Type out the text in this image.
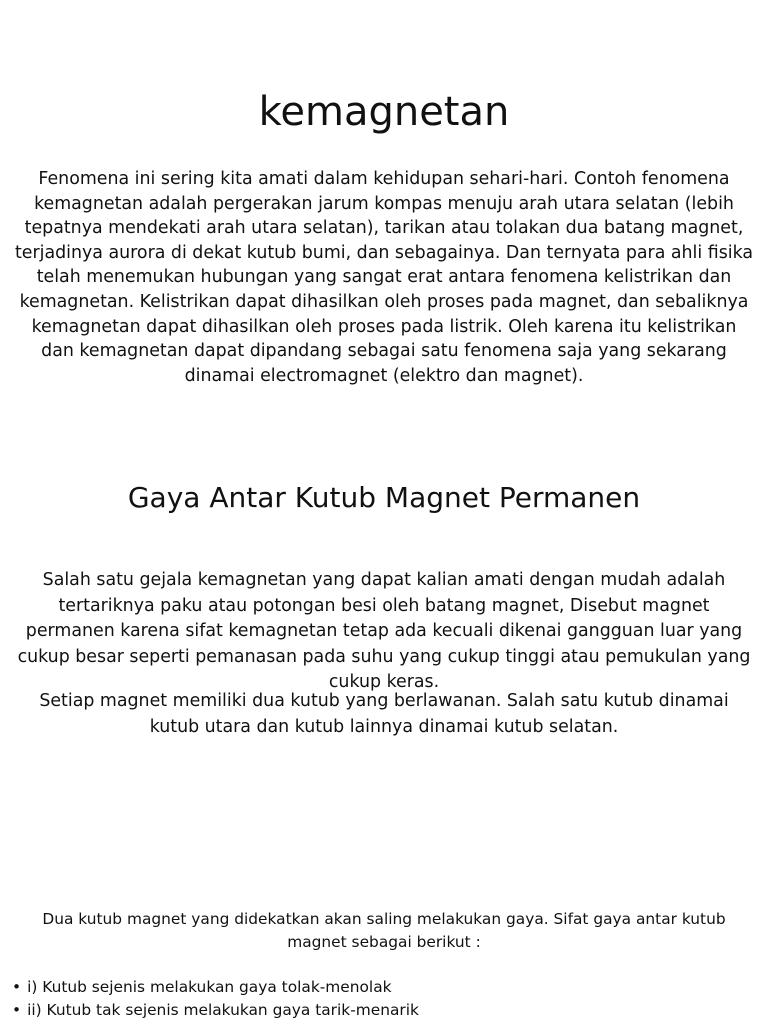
kemagnetan

Fenomena ini sering kita amati dalam kehidupan sehari-hari. Contoh fenomena kemagnetan adalah pergerakan jarum kompas menuju arah utara selatan (lebih tepatnya mendekati arah utara selatan), tarikan atau tolakan dua batang magnet, terjadinya aurora di dekat kutub bumi, dan sebagainya. Dan ternyata para ahli fisika telah menemukan hubungan yang sangat erat antara fenomena kelistrikan dan kemagnetan. Kelistrikan dapat dihasilkan oleh proses pada magnet, dan sebaliknya kemagnetan dapat dihasilkan oleh proses pada listrik. Oleh karena itu kelistrikan dan kemagnetan dapat dipandang sebagai satu fenomena saja yang sekarang dinamai electromagnet (elektro dan magnet).

Gaya Antar Kutub Magnet Permanen

Salah satu gejala kemagnetan yang dapat kalian amati dengan mudah adalah tertariknya paku atau potongan besi oleh batang magnet, Disebut magnet permanen karena sifat kemagnetan tetap ada kecuali dikenai gangguan luar yang cukup besar seperti pemanasan pada suhu yang cukup tinggi atau pemukulan yang cukup keras.

Setiap magnet memiliki dua kutub yang berlawanan. Salah satu kutub dinamai kutub utara dan kutub lainnya dinamai kutub selatan.

Dua kutub magnet yang didekatkan akan saling melakukan gaya. Sifat gaya antar kutub magnet sebagai berikut :

• i) Kutub sejenis melakukan gaya tolak-menolak
• ii) Kutub tak sejenis melakukan gaya tarik-menarik
